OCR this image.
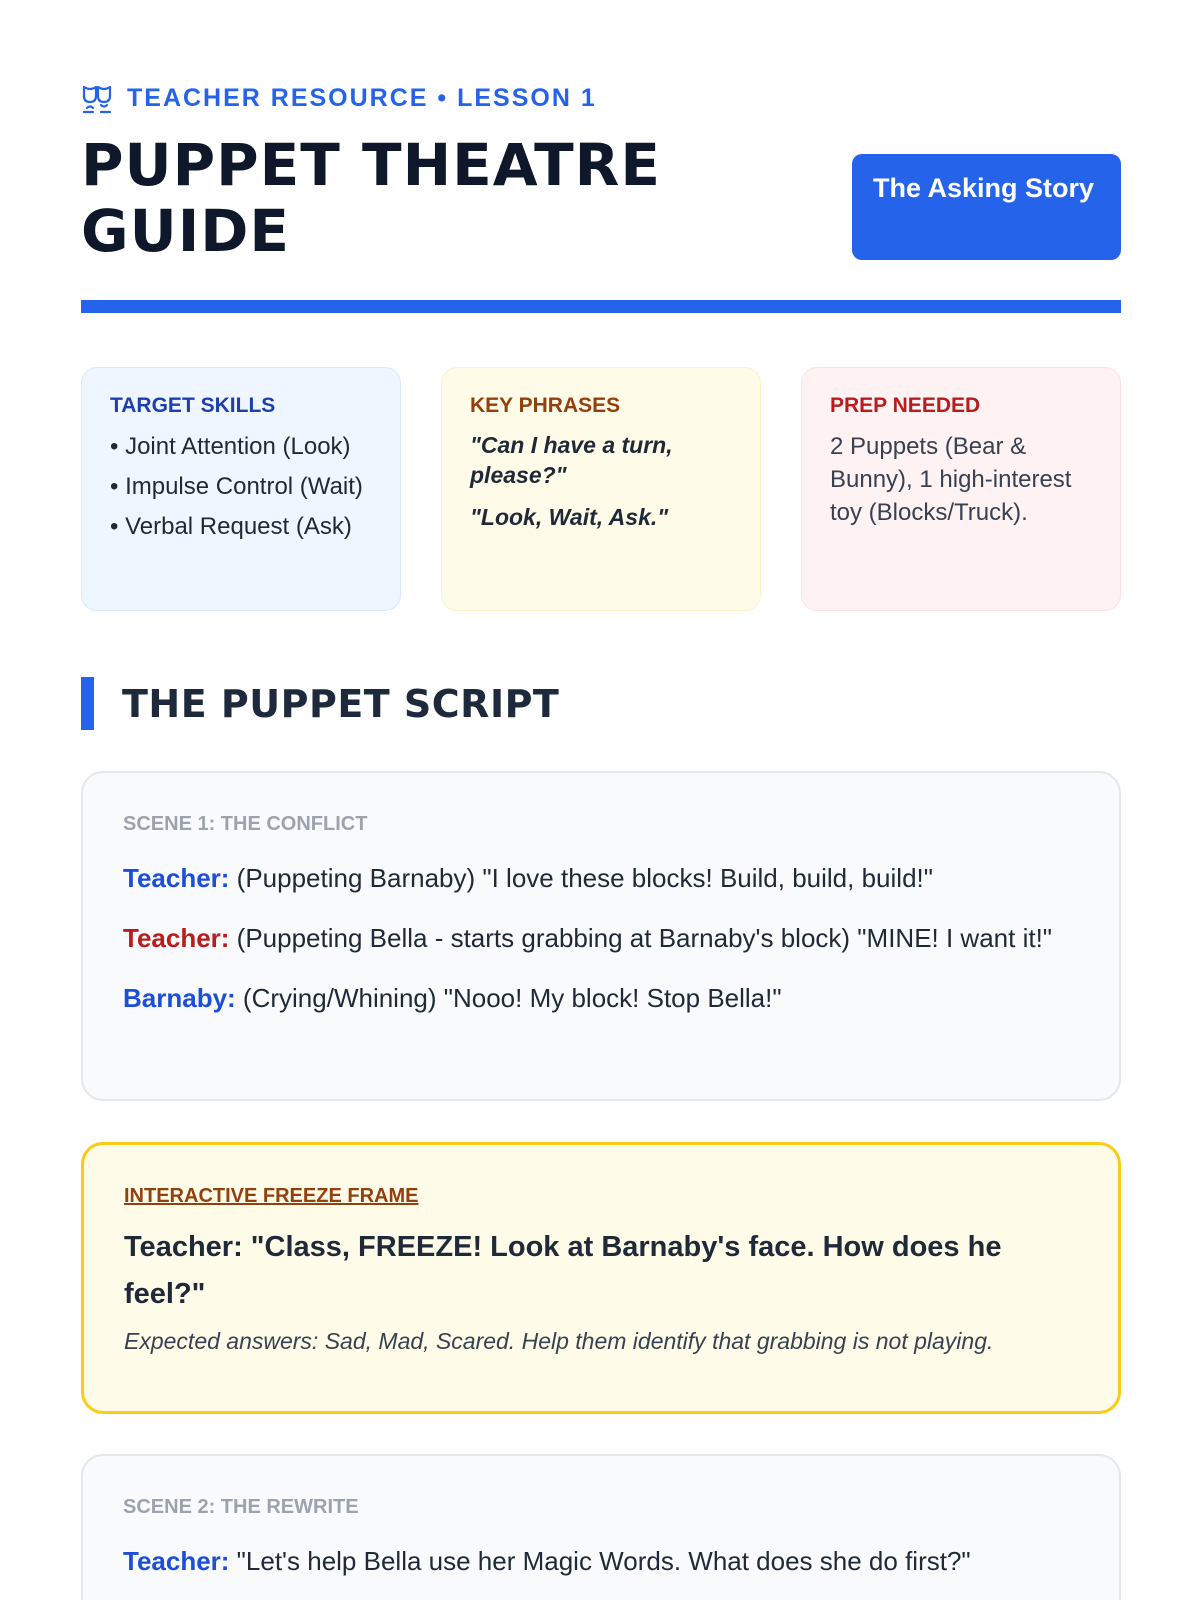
TEACHER RESOURCE • LESSON 1
PUPPET THEATRE GUIDE
The Asking Story
TARGET SKILLS
• Joint Attention (Look)
• Impulse Control (Wait)
• Verbal Request (Ask)
KEY PHRASES
"Can I have a turn, please?"
"Look, Wait, Ask."
PREP NEEDED
2 Puppets (Bear & Bunny), 1 high-interest toy (Blocks/Truck).
THE PUPPET SCRIPT
SCENE 1: THE CONFLICT

Teacher: (Puppeting Barnaby) "I love these blocks! Build, build, build!"

Teacher: (Puppeting Bella - starts grabbing at Barnaby's block) "MINE! I want it!"

Barnaby: (Crying/Whining) "Nooo! My block! Stop Bella!"

INTERACTIVE FREEZE FRAME

Teacher: "Class, FREEZE! Look at Barnaby's face. How does he feel?"

Expected answers: Sad, Mad, Scared. Help them identify that grabbing is not playing.

SCENE 2: THE REWRITE

Teacher: "Let's help Bella use her Magic Words. What does she do first?"
